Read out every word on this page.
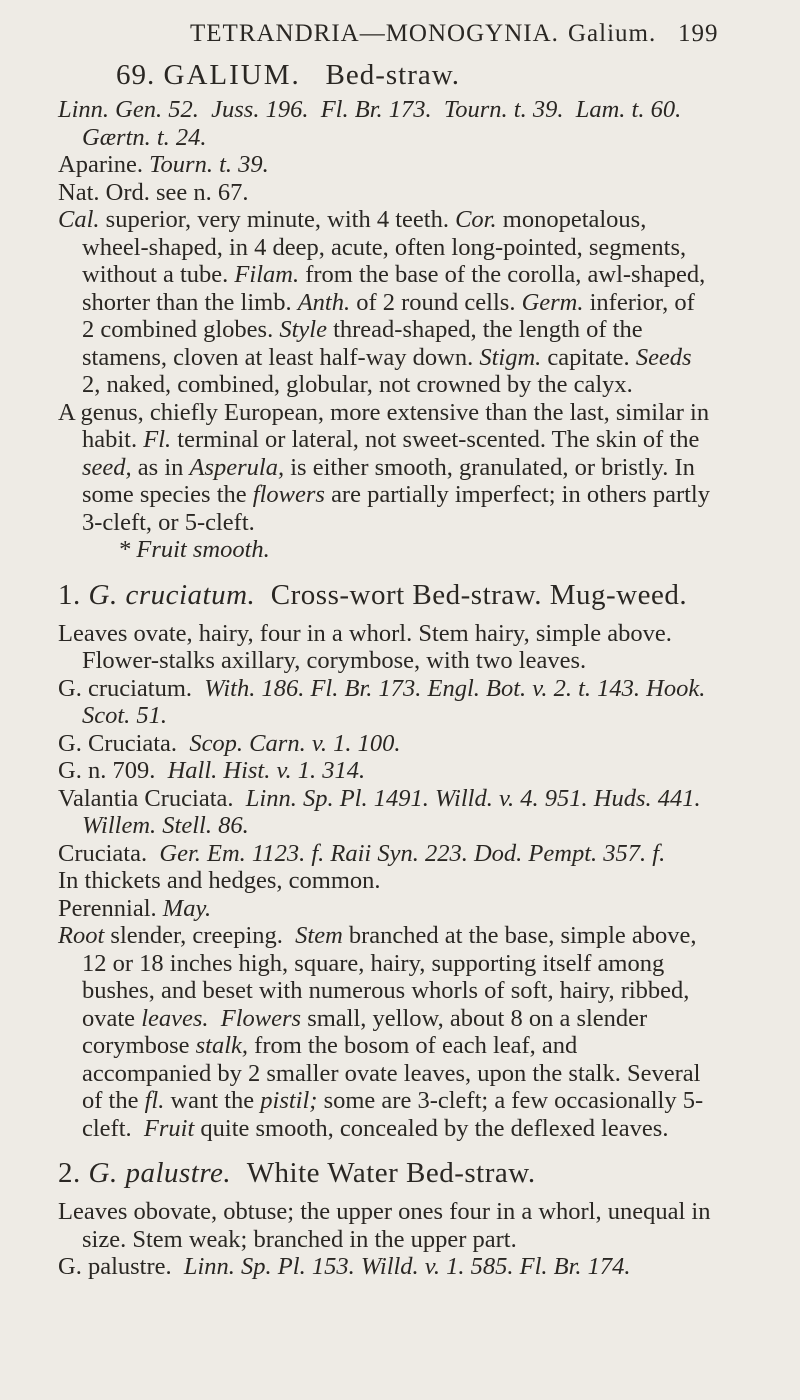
TETRANDRIA—MONOGYNIA. Galium. 199

69. GALIUM. Bed-straw.

Linn. Gen. 52. Juss. 196. Fl. Br. 173. Tourn. t. 39. Lam. t. 60. Gærtn. t. 24.

Aparine. Tourn. t. 39.

Nat. Ord. see n. 67.

Cal. superior, very minute, with 4 teeth. Cor. monopetalous, wheel-shaped, in 4 deep, acute, often long-pointed, segments, without a tube. Filam. from the base of the corolla, awl-shaped, shorter than the limb. Anth. of 2 round cells. Germ. inferior, of 2 combined globes. Style thread-shaped, the length of the stamens, cloven at least half-way down. Stigm. capitate. Seeds 2, naked, combined, globular, not crowned by the calyx.

A genus, chiefly European, more extensive than the last, similar in habit. Fl. terminal or lateral, not sweet-scented. The skin of the seed, as in Asperula, is either smooth, granulated, or bristly. In some species the flowers are partially imperfect; in others partly 3-cleft, or 5-cleft.

* Fruit smooth.

1. G. cruciatum. Cross-wort Bed-straw. Mug-weed.

Leaves ovate, hairy, four in a whorl. Stem hairy, simple above. Flower-stalks axillary, corymbose, with two leaves.

G. cruciatum. With. 186. Fl. Br. 173. Engl. Bot. v. 2. t. 143. Hook. Scot. 51.

G. Cruciata. Scop. Carn. v. 1. 100.

G. n. 709. Hall. Hist. v. 1. 314.

Valantia Cruciata. Linn. Sp. Pl. 1491. Willd. v. 4. 951. Huds. 441. Willem. Stell. 86.

Cruciata. Ger. Em. 1123. f. Raii Syn. 223. Dod. Pempt. 357. f.

In thickets and hedges, common.

Perennial. May.

Root slender, creeping. Stem branched at the base, simple above, 12 or 18 inches high, square, hairy, supporting itself among bushes, and beset with numerous whorls of soft, hairy, ribbed, ovate leaves. Flowers small, yellow, about 8 on a slender corymbose stalk, from the bosom of each leaf, and accompanied by 2 smaller ovate leaves, upon the stalk. Several of the fl. want the pistil; some are 3-cleft; a few occasionally 5-cleft. Fruit quite smooth, concealed by the deflexed leaves.

2. G. palustre. White Water Bed-straw.

Leaves obovate, obtuse; the upper ones four in a whorl, unequal in size. Stem weak; branched in the upper part.

G. palustre. Linn. Sp. Pl. 153. Willd. v. 1. 585. Fl. Br. 174.
